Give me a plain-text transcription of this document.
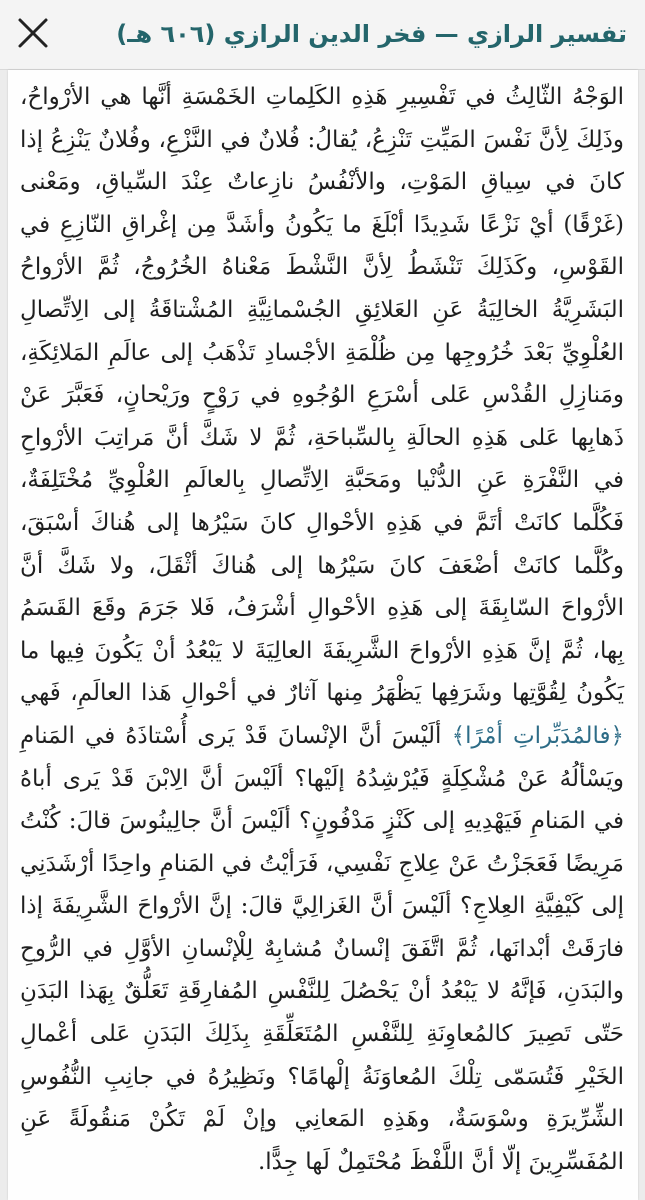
تفسير الرازي — فخر الدين الرازي (٦٠٦ هـ)

الوَجْهُ الثّالِثُ في تَفْسِيرِ هَذِهِ الكَلِماتِ الخَمْسَةِ أنَّها هي الأرْواحُ، وذَلِكَ لِأنَّ نَفْسَ المَيِّتِ تَنْزِعُ، يُقالُ: فُلانٌ في النَّزْعِ، وفُلانٌ يَنْزِعُ إذا كانَ في سِياقِ المَوْتِ، والأنْفُسُ نازِعاتٌ عِنْدَ السِّياقِ، ومَعْنى (غَرْقًا) أيْ نَزْعًا شَدِيدًا أبْلَغَ ما يَكُونُ وأشَدَّ مِن إغْراقِ النّازِعِ في القَوْسِ، وكَذَلِكَ تَنْشَطُ لِأنَّ النَّشْطَ مَعْناهُ الخُرُوجُ، ثُمَّ الأرْواحُ البَشَرِيَّةُ الخالِيَةُ عَنِ العَلائِقِ الجُسْمانِيَّةِ المُشْتاقَةُ إلى الِاتِّصالِ العُلْوِيِّ بَعْدَ خُرُوجِها مِن ظُلْمَةِ الأجْسادِ تَذْهَبُ إلى عالَمِ المَلائِكَةِ، ومَنازِلِ القُدْسِ عَلى أسْرَعِ الوُجُوهِ في رَوْحٍ ورَيْحانٍ، فَعَبَّرَ عَنْ ذَهابِها عَلى هَذِهِ الحالَةِ بِالسِّباحَةِ، ثُمَّ لا شَكَّ أنَّ مَراتِبَ الأرْواحِ في النَّفْرَةِ عَنِ الدُّنْيا ومَحَبَّةِ الِاتِّصالِ بِالعالَمِ العُلْوِيِّ مُخْتَلِفَةٌ، فَكُلَّما كانَتْ أتَمَّ في هَذِهِ الأحْوالِ كانَ سَيْرُها إلى هُناكَ أسْبَقَ، وكُلَّما كانَتْ أضْعَفَ كانَ سَيْرُها إلى هُناكَ أثْقَلَ، ولا شَكَّ أنَّ الأرْواحَ السّابِقَةَ إلى هَذِهِ الأحْوالِ أشْرَفُ، فَلا جَرَمَ وقَعَ القَسَمُ بِها، ثُمَّ إنَّ هَذِهِ الأرْواحَ الشَّرِيفَةَ العالِيَةَ لا يَبْعُدُ أنْ يَكُونَ فِيها ما يَكُونُ لِقُوَّتِها وشَرَفِها يَظْهَرُ مِنها آثارٌ في أحْوالِ هَذا العالَمِ، فَهي ﴿فالمُدَبِّراتِ أمْرًا﴾ ألَيْسَ أنَّ الإنْسانَ قَدْ يَرى أُسْتاذَهُ في المَنامِ ويَسْألُهُ عَنْ مُشْكِلَةٍ فَيُرْشِدُهُ إلَيْها؟ ألَيْسَ أنَّ الِابْنَ قَدْ يَرى أباهُ في المَنامِ فَيَهْدِيهِ إلى كَنْزٍ مَدْفُونٍ؟ ألَيْسَ أنَّ جالِينُوسَ قالَ: كُنْتُ مَرِيضًا فَعَجَزْتُ عَنْ عِلاجِ نَفْسِي، فَرَأيْتُ في المَنامِ واحِدًا أرْشَدَنِي إلى كَيْفِيَّةِ العِلاجِ؟ ألَيْسَ أنَّ الغَزالِيَّ قالَ: إنَّ الأرْواحَ الشَّرِيفَةَ إذا فارَقَتْ أبْدانَها، ثُمَّ اتَّفَقَ إنْسانٌ مُشابِهٌ لِلْإنْسانِ الأوَّلِ في الرُّوحِ والبَدَنِ، فَإنَّهُ لا يَبْعُدُ أنْ يَحْصُلَ لِلنَّفْسِ المُفارِقَةِ تَعَلُّقٌ بِهَذا البَدَنِ حَتّى تَصِيرَ كالمُعاوِنَةِ لِلنَّفْسِ المُتَعَلِّقَةِ بِذَلِكَ البَدَنِ عَلى أعْمالِ الخَيْرِ فَتُسَمّى تِلْكَ المُعاوَنَةُ إلْهامًا؟ ونَظِيرُهُ في جانِبِ النُّفُوسِ الشِّرِّيرَةِ وسْوَسَةٌ، وهَذِهِ المَعانِي وإنْ لَمْ تَكُنْ مَنقُولَةً عَنِ المُفَسِّرِينَ إلّا أنَّ اللَّفْظَ مُحْتَمِلٌ لَها جِدًّا.
